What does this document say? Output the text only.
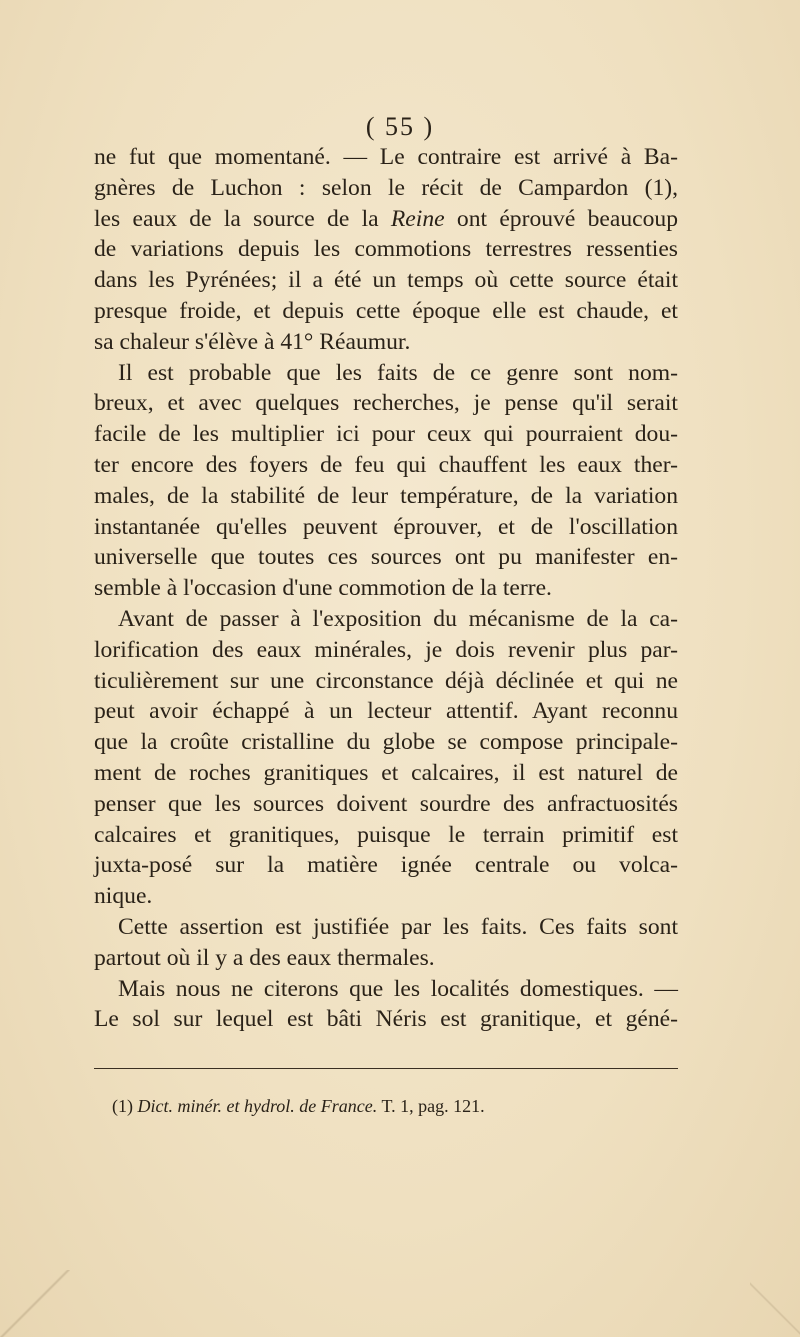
( 55 )
ne fut que momentané. — Le contraire est arrivé à Ba-
gnères de Luchon : selon le récit de Campardon (1),
les eaux de la source de la Reine ont éprouvé beaucoup
de variations depuis les commotions terrestres ressenties
dans les Pyrénées; il a été un temps où cette source était
presque froide, et depuis cette époque elle est chaude, et
sa chaleur s'élève à 41° Réaumur.
Il est probable que les faits de ce genre sont nom-
breux, et avec quelques recherches, je pense qu'il serait
facile de les multiplier ici pour ceux qui pourraient dou-
ter encore des foyers de feu qui chauffent les eaux ther-
males, de la stabilité de leur température, de la variation
instantanée qu'elles peuvent éprouver, et de l'oscillation
universelle que toutes ces sources ont pu manifester en-
semble à l'occasion d'une commotion de la terre.
Avant de passer à l'exposition du mécanisme de la ca-
lorification des eaux minérales, je dois revenir plus par-
ticulièrement sur une circonstance déjà déclinée et qui ne
peut avoir échappé à un lecteur attentif. Ayant reconnu
que la croûte cristalline du globe se compose principale-
ment de roches granitiques et calcaires, il est naturel de
penser que les sources doivent sourdre des anfractuosités
calcaires et granitiques, puisque le terrain primitif est
juxta-posé sur la matière ignée centrale ou volca-
nique.
Cette assertion est justifiée par les faits. Ces faits sont
partout où il y a des eaux thermales.
Mais nous ne citerons que les localités domestiques. —
Le sol sur lequel est bâti Néris est granitique, et géné-
(1) Dict. minér. et hydrol. de France. T. 1, pag. 121.
